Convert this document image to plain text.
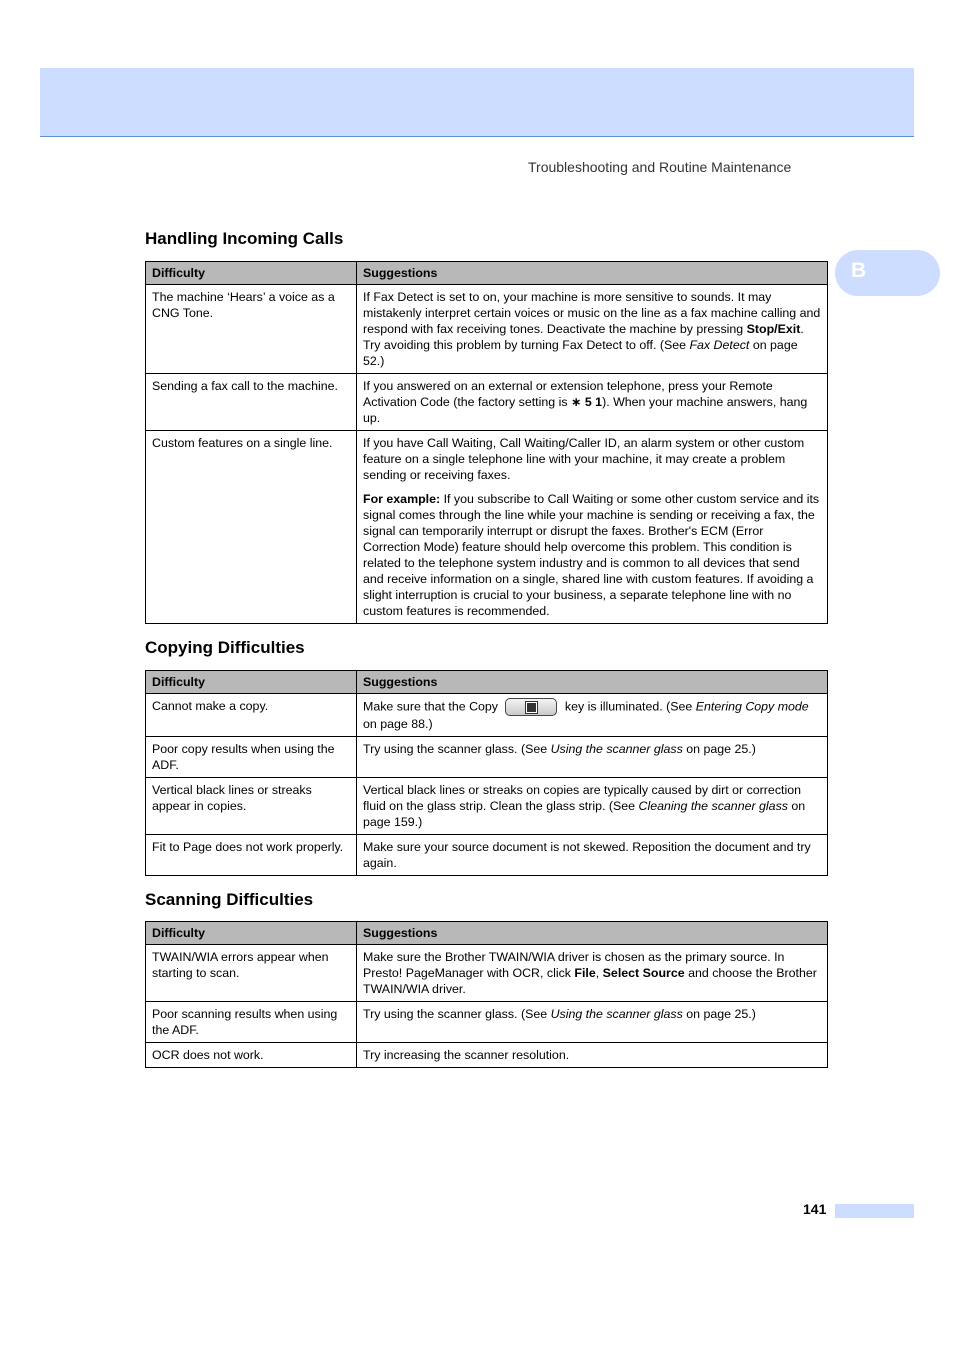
Troubleshooting and Routine Maintenance
B
Handling Incoming Calls
Difficulty	Suggestions
The machine ‘Hears’ a voice as a CNG Tone.	If Fax Detect is set to on, your machine is more sensitive to sounds. It may mistakenly interpret certain voices or music on the line as a fax machine calling and respond with fax receiving tones. Deactivate the machine by pressing Stop/Exit. Try avoiding this problem by turning Fax Detect to off. (See Fax Detect on page 52.)

Sending a fax call to the machine.	If you answered on an external or extension telephone, press your Remote Activation Code (the factory setting is ∗ 5 1). When your machine answers, hang up.

Custom features on a single line.	If you have Call Waiting, Call Waiting/Caller ID, an alarm system or other custom feature on a single telephone line with your machine, it may create a problem sending or receiving faxes.

For example: If you subscribe to Call Waiting or some other custom service and its signal comes through the line while your machine is sending or receiving a fax, the signal can temporarily interrupt or disrupt the faxes. Brother's ECM (Error Correction Mode) feature should help overcome this problem. This condition is related to the telephone system industry and is common to all devices that send and receive information on a single, shared line with custom features. If avoiding a slight interruption is crucial to your business, a separate telephone line with no custom features is recommended.

Copying Difficulties
Difficulty	Suggestions
Cannot make a copy.	Make sure that the Copy key is illuminated. (See Entering Copy mode on page 88.)

Poor copy results when using the ADF.	Try using the scanner glass. (See Using the scanner glass on page 25.)

Vertical black lines or streaks appear in copies.	Vertical black lines or streaks on copies are typically caused by dirt or correction fluid on the glass strip. Clean the glass strip. (See Cleaning the scanner glass on page 159.)

Fit to Page does not work properly.	Make sure your source document is not skewed. Reposition the document and try again.

Scanning Difficulties
Difficulty	Suggestions
TWAIN/WIA errors appear when starting to scan.	Make sure the Brother TWAIN/WIA driver is chosen as the primary source. In Presto! PageManager with OCR, click File, Select Source and choose the Brother TWAIN/WIA driver.

Poor scanning results when using the ADF.	Try using the scanner glass. (See Using the scanner glass on page 25.)

OCR does not work.	Try increasing the scanner resolution.

141
